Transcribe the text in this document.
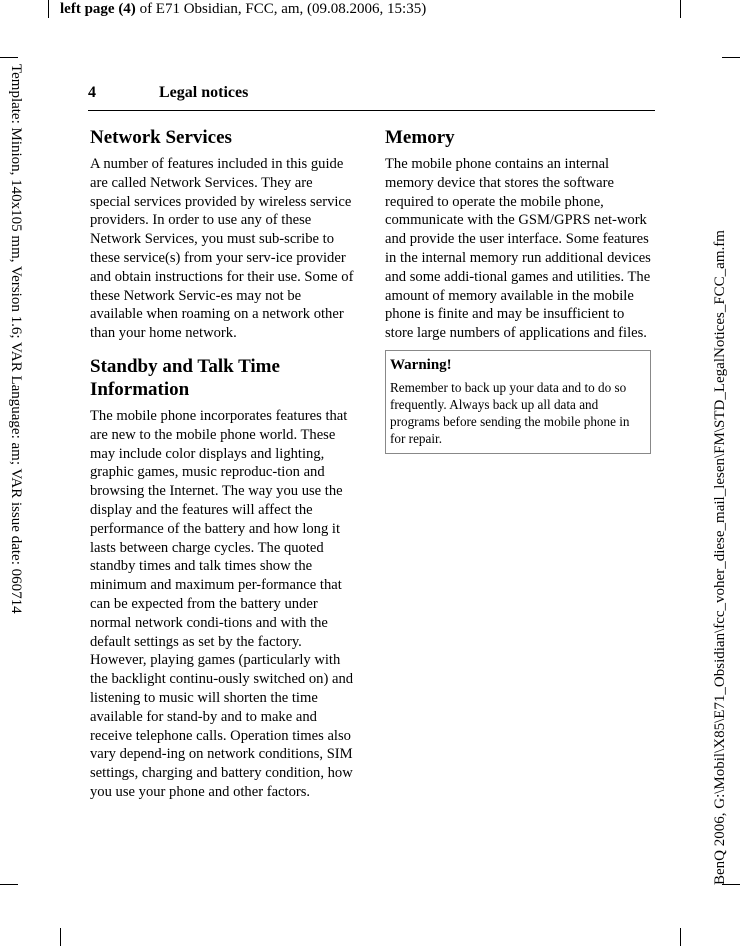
left page (4) of E71 Obsidian, FCC, am, (09.08.2006, 15:35)
Template: Minion, 140x105 mm, Version 1.6; VAR Language: am; VAR issue date: 060714	BenQ 2006, G:\Mobil\X85\E71_Obsidian\fcc_voher_diese_mail_lesen\FM\STD_LegalNotices_FCC_am.fm
4	Legal notices
Network Services

A number of features included in this guide are called Network Services. They are special services provided by wireless service providers. In order to use any of these Network Services, you must sub-scribe to these service(s) from your serv-ice provider and obtain instructions for their use. Some of these Network Servic-es may not be available when roaming on a network other than your home network.

Standby and Talk Time Information

The mobile phone incorporates features that are new to the mobile phone world. These may include color displays and lighting, graphic games, music reproduc-tion and browsing the Internet. The way you use the display and the features will affect the performance of the battery and how long it lasts between charge cycles. The quoted standby times and talk times show the minimum and maximum per-formance that can be expected from the battery under normal network condi-tions and with the default settings as set by the factory. However, playing games (particularly with the backlight continu-ously switched on) and listening to music will shorten the time available for stand-by and to make and receive telephone calls. Operation times also vary depend-ing on network conditions, SIM settings, charging and battery condition, how you use your phone and other factors.

Memory

The mobile phone contains an internal memory device that stores the software required to operate the mobile phone, communicate with the GSM/GPRS net-work and provide the user interface. Some features in the internal memory run additional devices and some addi-tional games and utilities. The amount of memory available in the mobile phone is finite and may be insufficient to store large numbers of applications and files.

Warning!
Remember to back up your data and to do so frequently. Always back up all data and programs before sending the mobile phone in for repair.
